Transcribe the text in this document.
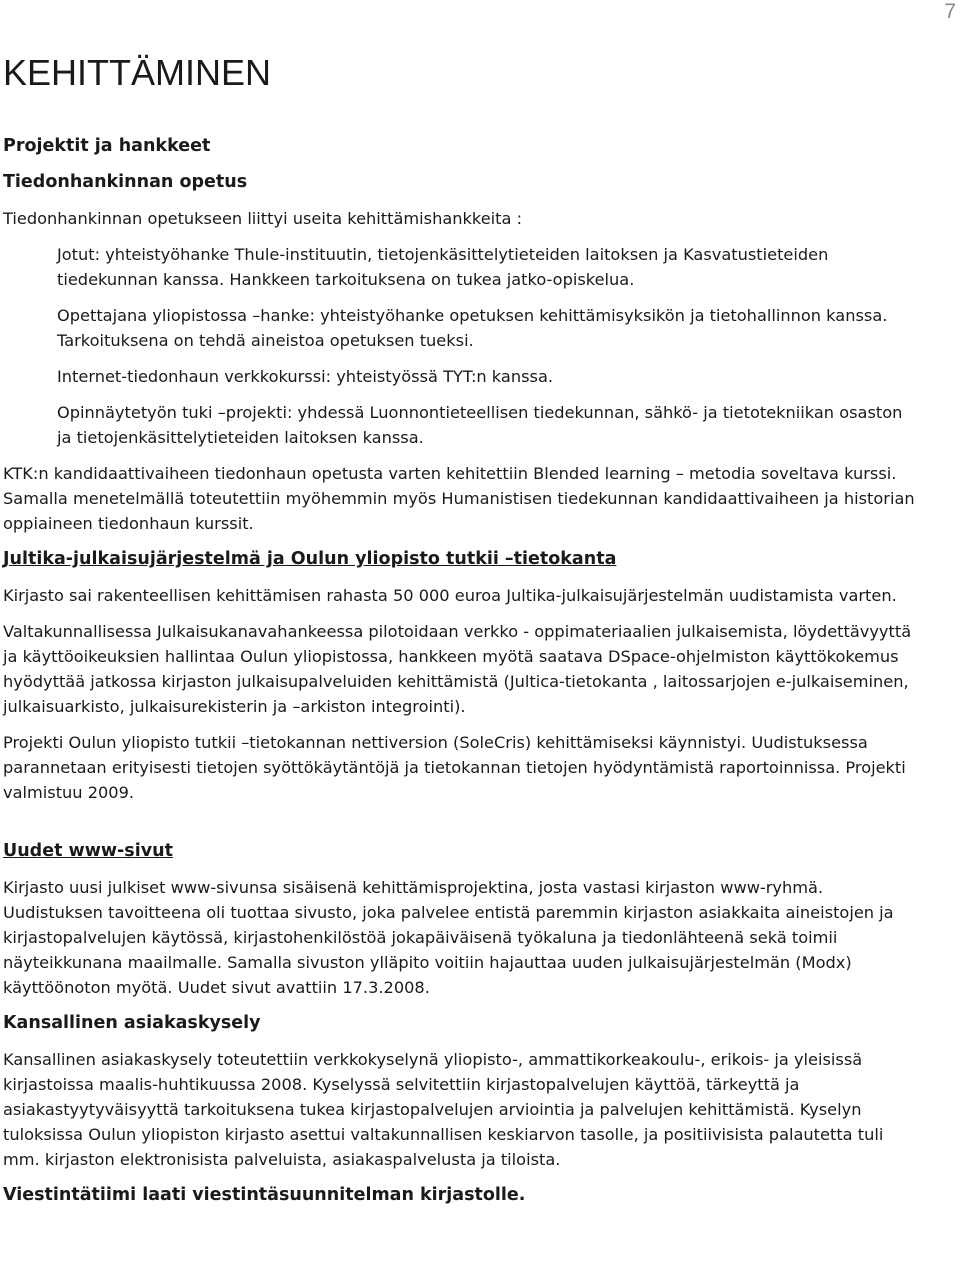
7
KEHITTÄMINEN
Projektit ja hankkeet
Tiedonhankinnan opetus
Tiedonhankinnan opetukseen liittyi useita kehittämishankkeita :
Jotut: yhteistyöhanke Thule-instituutin, tietojenkäsittelytieteiden laitoksen ja Kasvatustieteiden tiedekunnan kanssa. Hankkeen tarkoituksena on tukea jatko-opiskelua.
Opettajana yliopistossa –hanke: yhteistyöhanke opetuksen kehittämisyksikön ja tietohallinnon kanssa. Tarkoituksena on tehdä aineistoa opetuksen tueksi.
Internet-tiedonhaun verkkokurssi: yhteistyössä TYT:n kanssa.
Opinnäytetyön tuki –projekti: yhdessä Luonnontieteellisen tiedekunnan, sähkö- ja tietotekniikan osaston ja tietojenkäsittelytieteiden laitoksen kanssa.
KTK:n kandidaattivaiheen tiedonhaun opetusta varten kehitettiin Blended learning – metodia soveltava kurssi. Samalla menetelmällä toteutettiin myöhemmin myös Humanistisen tiedekunnan kandidaattivaiheen ja historian oppiaineen tiedonhaun kurssit.
Jultika-julkaisujärjestelmä ja Oulun yliopisto tutkii –tietokanta
Kirjasto sai rakenteellisen kehittämisen rahasta 50 000 euroa Jultika-julkaisujärjestelmän uudistamista varten.
Valtakunnallisessa Julkaisukanavahankeessa pilotoidaan verkko - oppimateriaalien julkaisemista, löydettävyyttä ja käyttöoikeuksien hallintaa Oulun yliopistossa, hankkeen myötä saatava DSpace-ohjelmiston käyttökokemus hyödyttää jatkossa kirjaston julkaisupalveluiden kehittämistä (Jultica-tietokanta , laitossarjojen e-julkaiseminen, julkaisuarkisto, julkaisurekisterin ja –arkiston integrointi).
Projekti Oulun yliopisto tutkii –tietokannan nettiversion (SoleCris) kehittämiseksi käynnistyi. Uudistuksessa parannetaan erityisesti tietojen syöttökäytäntöjä ja tietokannan tietojen hyödyntämistä raportoinnissa. Projekti valmistuu 2009.
Uudet www-sivut
Kirjasto uusi julkiset www-sivunsa sisäisenä kehittämisprojektina, josta vastasi kirjaston www-ryhmä. Uudistuksen tavoitteena oli tuottaa sivusto, joka palvelee entistä paremmin kirjaston asiakkaita aineistojen ja kirjastopalvelujen käytössä, kirjastohenkilöstöä jokapäiväisenä työkaluna ja tiedonlähteenä sekä toimii näyteikkunana maailmalle. Samalla sivuston ylläpito voitiin hajauttaa uuden julkaisujärjestelmän (Modx) käyttöönoton myötä. Uudet sivut avattiin 17.3.2008.
Kansallinen asiakaskysely
Kansallinen asiakaskysely toteutettiin verkkokyselynä yliopisto-, ammattikorkeakoulu-, erikois- ja yleisissä kirjastoissa maalis-huhtikuussa 2008. Kyselyssä selvitettiin kirjastopalvelujen käyttöä, tärkeyttä ja asiakastyytyväisyyttä tarkoituksena tukea kirjastopalvelujen arviointia ja palvelujen kehittämistä. Kyselyn tuloksissa Oulun yliopiston kirjasto asettui valtakunnallisen keskiarvon tasolle, ja positiivisista palautetta tuli mm. kirjaston elektronisista palveluista, asiakaspalvelusta ja tiloista.
Viestintätiimi laati viestintäsuunnitelman kirjastolle.
